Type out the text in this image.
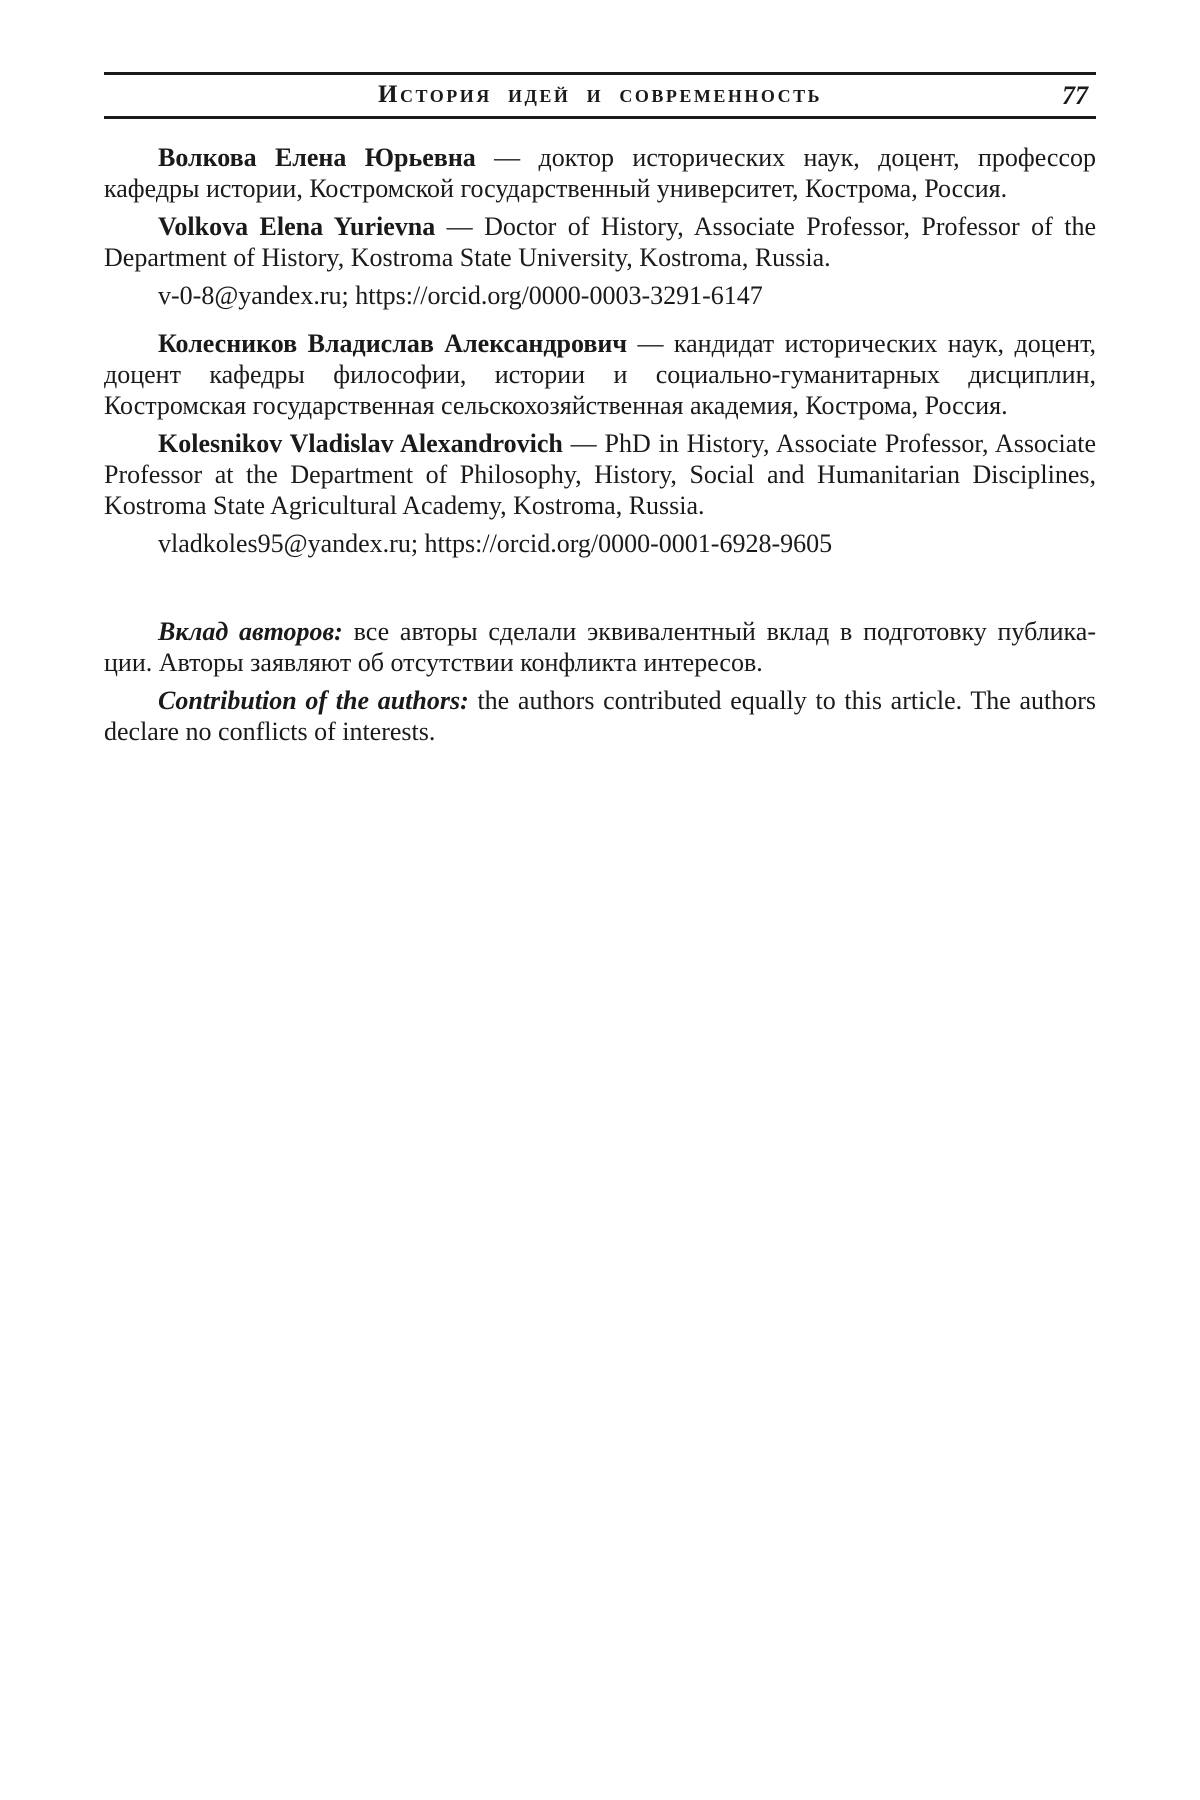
История идей и современность	77

Волкова Елена Юрьевна — доктор исторических наук, доцент, профессор кафедры истории, Костромской государственный университет, Кострома, Россия.

Volkova Elena Yurievna — Doctor of History, Associate Professor, Professor of the Department of History, Kostroma State University, Kostroma, Russia.

v-0-8@yandex.ru; https://orcid.org/0000-0003-3291-6147

Колесников Владислав Александрович — кандидат исторических наук, доцент, доцент кафедры философии, истории и социально-гуманитарных дисциплин, Костромская государственная сельскохозяйственная академия, Кострома, Россия.

Kolesnikov Vladislav Alexandrovich — PhD in History, Associate Professor, Associate Professor at the Department of Philosophy, History, Social and Humanitarian Disciplines, Kostroma State Agricultural Academy, Kostroma, Russia.

vladkoles95@yandex.ru; https://orcid.org/0000-0001-6928-9605

Вклад авторов: все авторы сделали эквивалентный вклад в подготовку публикации. Авторы заявляют об отсутствии конфликта интересов.

Contribution of the authors: the authors contributed equally to this article. The authors declare no conflicts of interests.
